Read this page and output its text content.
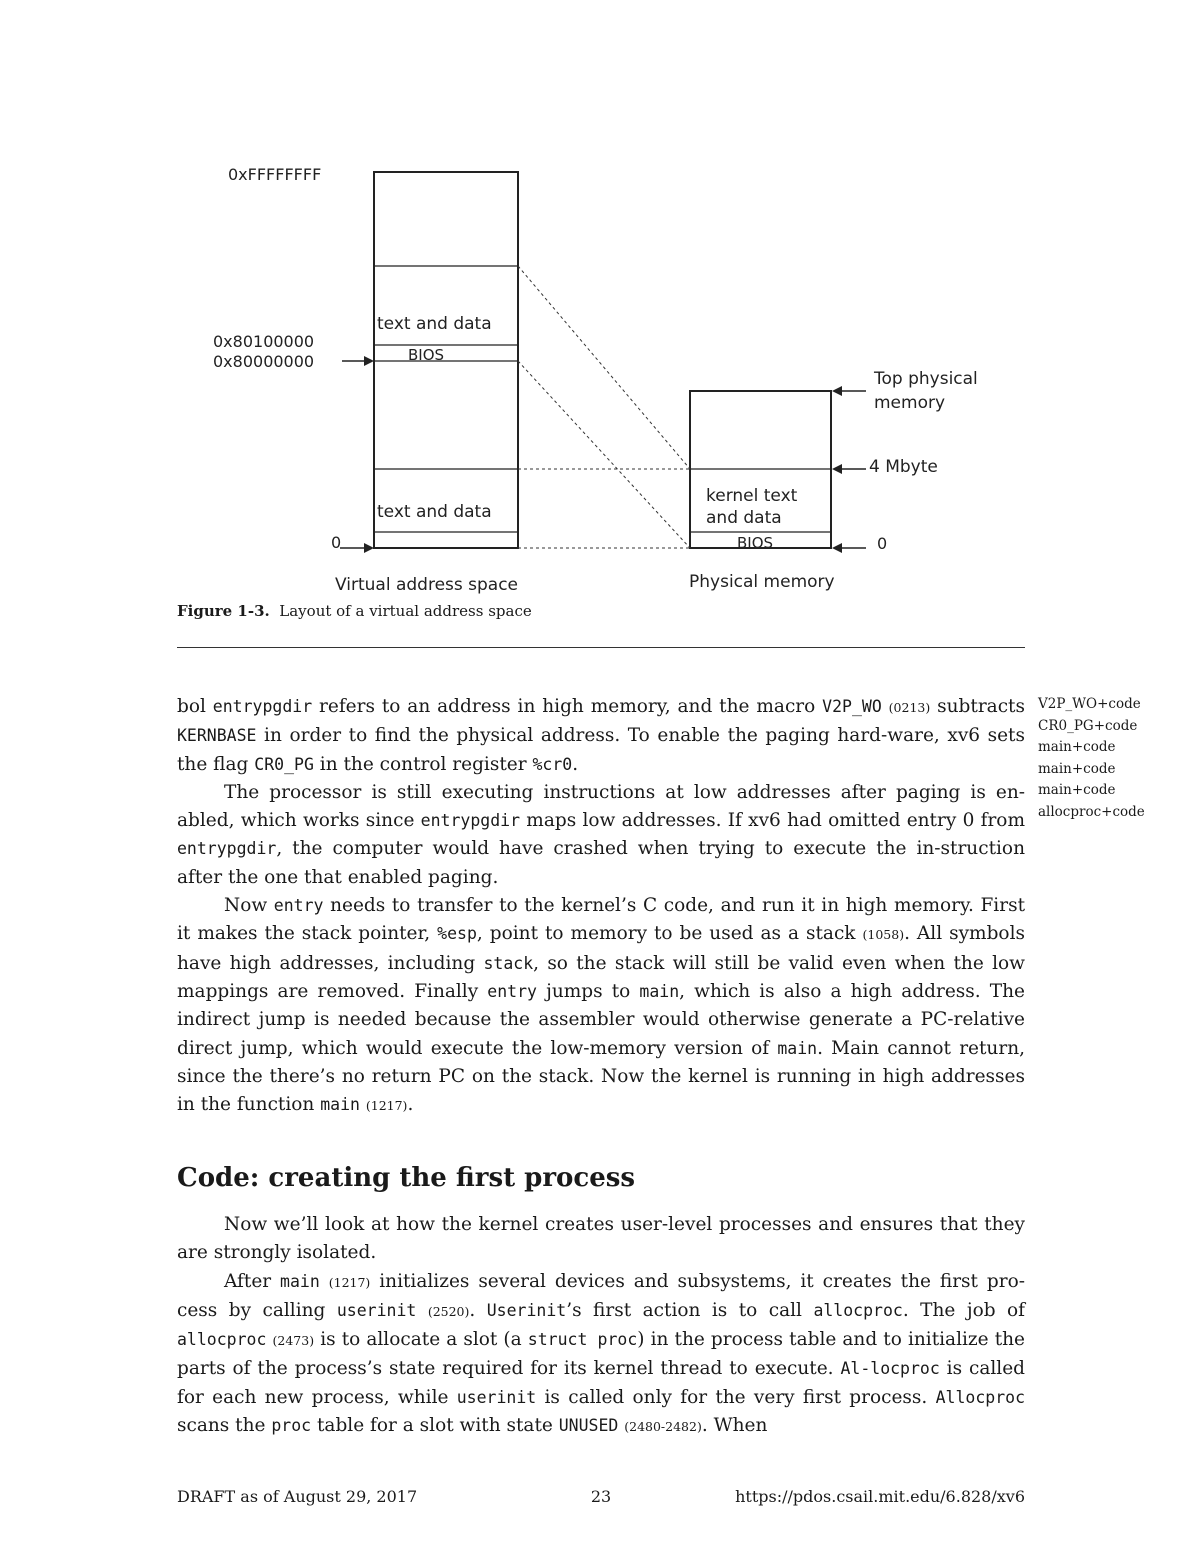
0xFFFFFFFF
0x80100000
0x80000000
0
text and data
BIOS
text and data
Top physical
memory
4 Mbyte
kernel text
and data
BIOS	0
Virtual address space	Physical memory
Figure 1-3. Layout of a virtual address space
V2P_WO+code
CR0_PG+code
main+code
main+code
main+code
allocproc+code

bol entrypgdir refers to an address in high memory, and the macro V2P_WO (0213) subtracts KERNBASE in order to find the physical address. To enable the paging hard-ware, xv6 sets the flag CR0_PG in the control register %cr0.

The processor is still executing instructions at low addresses after paging is en-abled, which works since entrypgdir maps low addresses. If xv6 had omitted entry 0 from entrypgdir, the computer would have crashed when trying to execute the in-struction after the one that enabled paging.

Now entry needs to transfer to the kernel’s C code, and run it in high memory. First it makes the stack pointer, %esp, point to memory to be used as a stack (1058). All symbols have high addresses, including stack, so the stack will still be valid even when the low mappings are removed. Finally entry jumps to main, which is also a high address. The indirect jump is needed because the assembler would otherwise generate a PC-relative direct jump, which would execute the low-memory version of main. Main cannot return, since the there’s no return PC on the stack. Now the kernel is running in high addresses in the function main (1217).

Code: creating the first process

Now we’ll look at how the kernel creates user-level processes and ensures that they are strongly isolated.

After main (1217) initializes several devices and subsystems, it creates the first pro-cess by calling userinit (2520). Userinit’s first action is to call allocproc. The job of allocproc (2473) is to allocate a slot (a struct proc) in the process table and to initialize the parts of the process’s state required for its kernel thread to execute. Al-locproc is called for each new process, while userinit is called only for the very first process. Allocproc scans the proc table for a slot with state UNUSED (2480-2482). When

DRAFT as of August 29, 2017	23	https://pdos.csail.mit.edu/6.828/xv6
